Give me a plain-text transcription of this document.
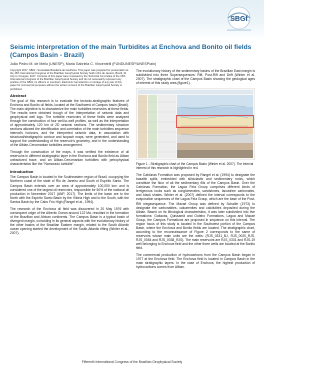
SBGf
Seismic interpretation of the main Turbidites at Enchova and Bonito oil fields (Campos Basin - Brazil)

João Pedro M. de Mello (UNESP), Maria Gabriela C. Vincentelli (FUNDUNESP/UNESP/ain)

Copyright 2017, SBGf - Sociedade Brasileira de Geofísica. This paper was prepared for presentation at the 15th International Congress of the Brazilian Geophysical Society held in Rio de Janeiro, Brazil, 31 July to 3 August, 2017. Contents of this paper were reviewed by the Technical Committee of the 15th International Congress of the Brazilian Geophysical Society and do not necessarily represent any position of the SBGf, its officers or members. Electronic reproduction or storage of any part of this paper for commercial purposes without the written consent of the Brazilian Geophysical Society is prohibited.

Abstract

The goal of this research is to evaluate the tectonic-stratigraphic features of Enchova and Bonito oil fields, located at the Southwest of Campos basin (Brazil). The main objective is to characterize the main turbidites reservoirs at these fields. The results were obtained trough of the Interpretation of seismic data and geophysical well logs. The turbidite reservoirs of these fields were analyzed through the construction of four well-to-well profiles, as well as the interpretation of approximately 120 km of 2D seismic sections. The sedimentary structure sections allowed the identification and correlation of the main turbidites sequence interval's horizons, and the interpreted seismic data, in association with structural/stratigraphic contour and isopach maps, were generated, and used to support the understanding of the reservoir's geometry, and in the understanding of the Albian-Cenomanian turbidites arrangement.

Through the construction of the maps, it was verified the existence of oil reservoirs in different stratigraphic layer in the Enchova and Bonito field as Albian unfractured trace, and an Albian-Cenomanian turbidites with petrophysical characteristics like the "Namorado turbidite".

Introduction

The Campos Basin is located in the Southeastern region of Brazil, occupying the Northern coast of the state of Rio de Janeiro and South of Espírito Santo. The Campos Basin extends over an area of approximately 100,000 km² and is considered one of the largest oil reservoirs, responsible for 50% of the national oil production in November 2017 (ANP, 2017). The limits of the basin are to the North with the Espírito Santo Basin by the Vitória High and to the South, with the Santos Basin by the Cabo Frio High (Rangel et al., 1994).

The research of the Enchova oil field was discovered in 20 May 1976 with consequent origin of the Albertic Ocean around 122 Ma. resultant in the formation of the Brazilian and African continents. The Campos Basin is a typical basin of divergent margin, coinciding in its general aspects with the evolutionary history of the other basins of the Brazilian Eastern margin, related to the South Atlantic ocean opening started the development of the South-Atlantic rifting (Winter et al., 2007).

The evolutionary history of the sedimentary basins of the Brazilian East margin is subdivided into three Supersequences: Rift, Post-Rift and Drift (Winter et al. 2007). The stratigraphic chart of the Campos Basin showing the geological ages of interest of this study area (figure1).

Figure 1 - Stratigraphic chart of the Campos Basin (Winter et al. 2007). The interval interest of this research is highlighted in red.

The Cabiúnas Formation was proposed by Rangel et al. (1994) to designate the basaltic spills, embedded with siliciclastic and sedimentary rocks, which constitute the floor of all the sedimentary fills of the Campos Basin. Over the Cabiúnas Formation, the Lagoa Feia Group comprises different kinds of terrigenous rocks such as conglomerates, sandstones, lacustrine carbonates, and black shales. Winter et al. (2007) defined the interval corresponds to the evaporation sequences of the Lagoa Feia Group, which are the base of the Post-Rift megasequence. The Macaé Group was defined by Schaller (1973) to designate the carbonatites, calcarenites and calcilutites deposited during the Albian. Based on its lithological characteristics, it was later subdivided into five formations: Goitacás, Quissamã and Outeiro Formations, Lagoa and Macaé Group, the Campos Formations are proposed in sequence on this interval. The region focus of this study is located in the Southwest portion of the Campos Basin, where the Enchova and Bonito fields are located. The stratigraphic chart, according to the reconnaissance of Figure 2 corresponds to the same of reservoirs whose main units are the wells: (RJS_0331_BJ, RJS_0020_RJS, RJS_0084 and RJS_0038_RJS). The main reservoirs are RJS_0331 and RJS-19 well belonging to Enchova field and the other three wells are located at the Bonito field.

The commercial production of hydrocarbons from the Campos Basin began in 1977 at the Enchova field. The Enchova field is located in Campos Basin in the main stratigraphic layers. In the case of Enchova, the highest production of hydrocarbons comes from Albian.

Fifteenth International Congress of the Brazilian Geophysical Society
